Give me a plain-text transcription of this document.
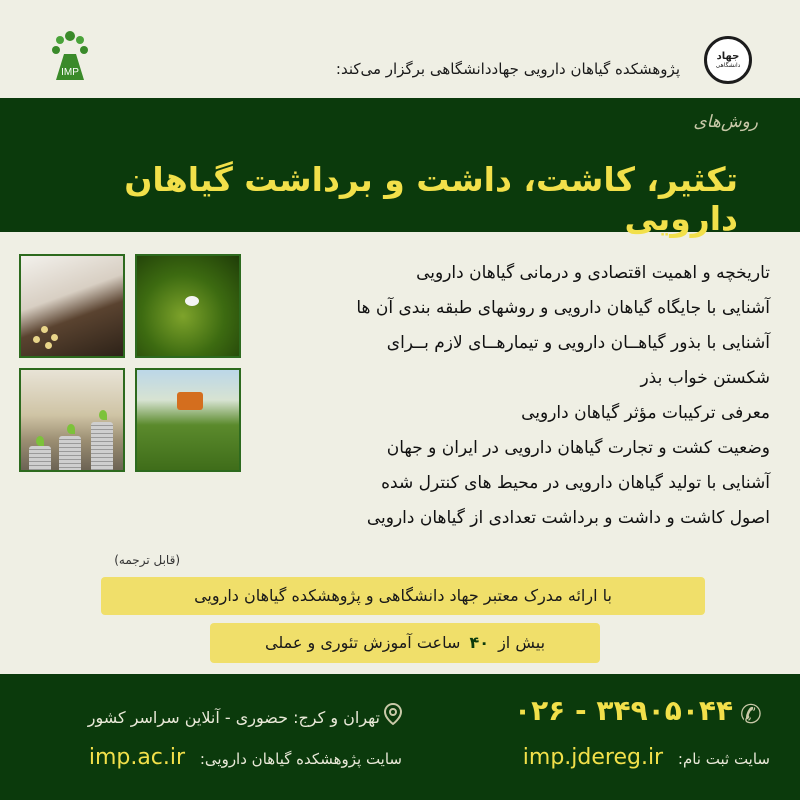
جهاد
دانشگاهی
IMP	پژوهشکده گیاهان دارویی جهاددانشگاهی برگزار می‌کند:
روش‌های
تکثیر، کاشت، داشت و برداشت گیاهان دارویی
تاریخچه و اهمیت اقتصادی و درمانی گیاهان دارویی
آشنایی با جایگاه گیاهان دارویی و روشهای طبقه بندی آن ها
آشنایی با بذور گیاهــان دارویی و تیمارهــای لازم بــرای
شکستن خواب بذر
معرفی ترکیبات مؤثر گیاهان دارویی
وضعیت کشت و تجارت گیاهان دارویی در ایران و جهان
آشنایی با تولید گیاهان دارویی در محیط های کنترل شده
اصول کاشت و داشت و برداشت تعدادی از گیاهان دارویی
(قابل ترجمه)
با ارائه مدرک معتبر جهاد دانشگاهی و پژوهشکده گیاهان دارویی
بیش از ۴۰ ساعت آموزش تئوری و عملی
✆
۰۲۶ - ۳۴۹۰۵۰۴۴
تهران و کرج: حضوری - آنلاین سراسر کشور
سایت ثبت نام: imp.jdereg.ir
سایت پژوهشکده گیاهان دارویی: imp.ac.ir
